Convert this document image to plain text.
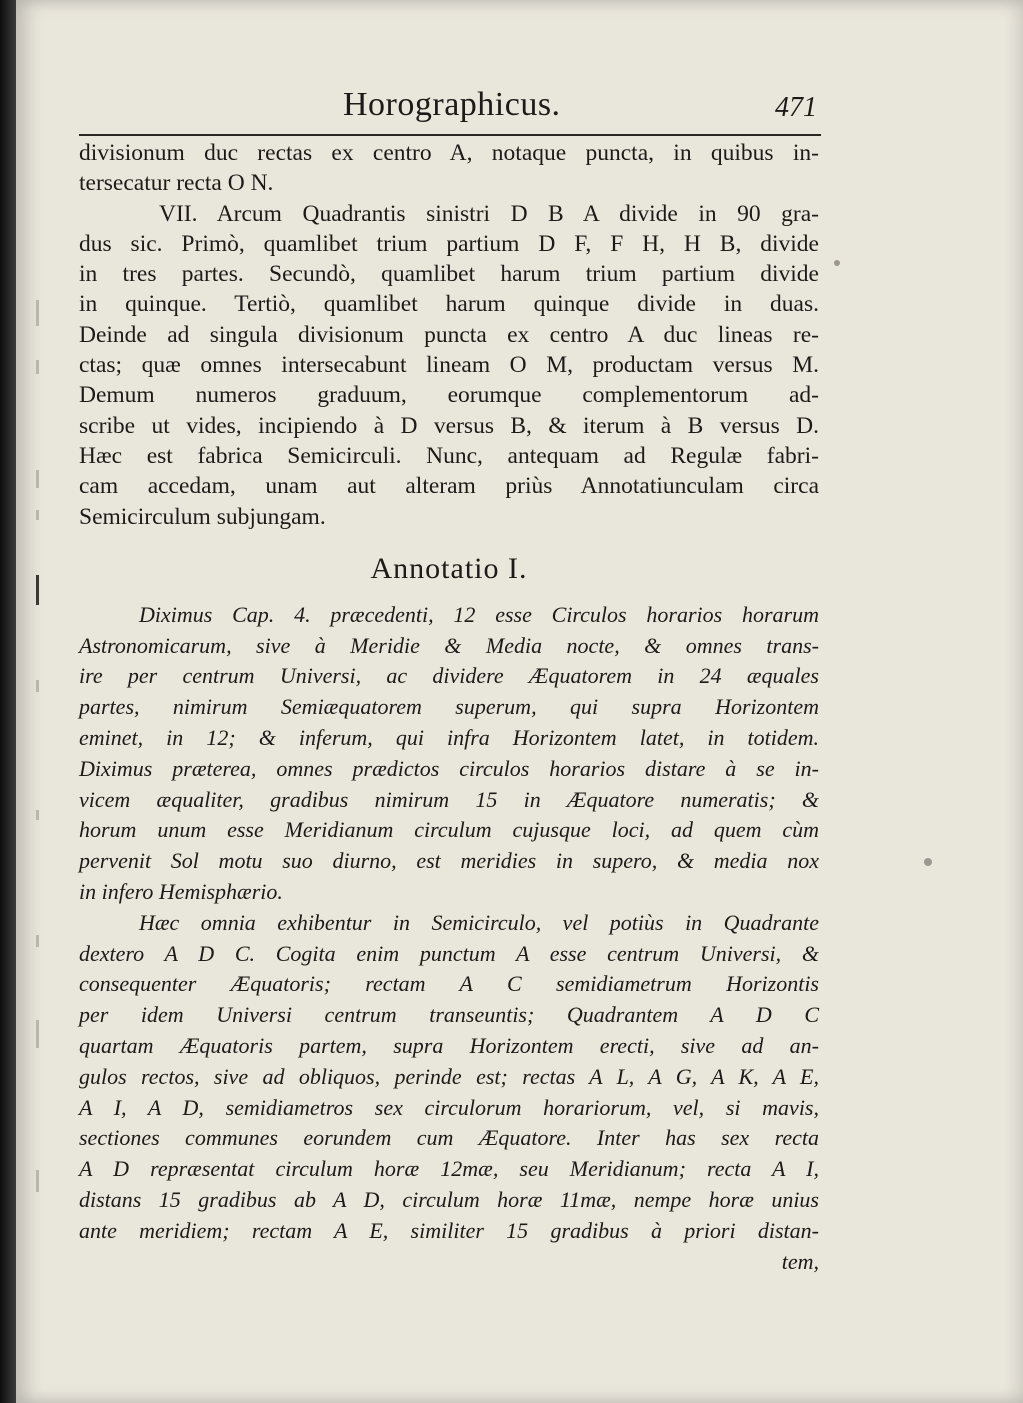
Horographicus.	471
divisionum duc rectas ex centro A, notaque puncta, in quibus in-
tersecatur recta O N.
VII. Arcum Quadrantis sinistri D B A divide in 90 gra-
dus sic. Primò, quamlibet trium partium D F, F H, H B, divide
in tres partes. Secundò, quamlibet harum trium partium divide
in quinque. Tertiò, quamlibet harum quinque divide in duas.
Deinde ad singula divisionum puncta ex centro A duc lineas re-
ctas; quæ omnes intersecabunt lineam O M, productam versus M.
Demum numeros graduum, eorumque complementorum ad-
scribe ut vides, incipiendo à D versus B, & iterum à B versus D.
Hæc est fabrica Semicirculi. Nunc, antequam ad Regulæ fabri-
cam accedam, unam aut alteram priùs Annotatiunculam circa
Semicirculum subjungam.
Annotatio I.
Diximus Cap. 4. præcedenti, 12 esse Circulos horarios horarum
Astronomicarum, sive à Meridie & Media nocte, & omnes trans-
ire per centrum Universi, ac dividere Æquatorem in 24 æquales
partes, nimirum Semiæquatorem superum, qui supra Horizontem
eminet, in 12; & inferum, qui infra Horizontem latet, in totidem.
Diximus præterea, omnes prædictos circulos horarios distare à se in-
vicem æqualiter, gradibus nimirum 15 in Æquatore numeratis; &
horum unum esse Meridianum circulum cujusque loci, ad quem cùm
pervenit Sol motu suo diurno, est meridies in supero, & media nox
in infero Hemisphærio.
Hæc omnia exhibentur in Semicirculo, vel potiùs in Quadrante
dextero A D C. Cogita enim punctum A esse centrum Universi, &
consequenter Æquatoris; rectam A C semidiametrum Horizontis
per idem Universi centrum transeuntis; Quadrantem A D C
quartam Æquatoris partem, supra Horizontem erecti, sive ad an-
gulos rectos, sive ad obliquos, perinde est; rectas A L, A G, A K, A E,
A I, A D, semidiametros sex circulorum horariorum, vel, si mavis,
sectiones communes eorundem cum Æquatore. Inter has sex recta
A D repræsentat circulum horæ 12mæ, seu Meridianum; recta A I,
distans 15 gradibus ab A D, circulum horæ 11mæ, nempe horæ unius
ante meridiem; rectam A E, similiter 15 gradibus à priori distan-
tem,
